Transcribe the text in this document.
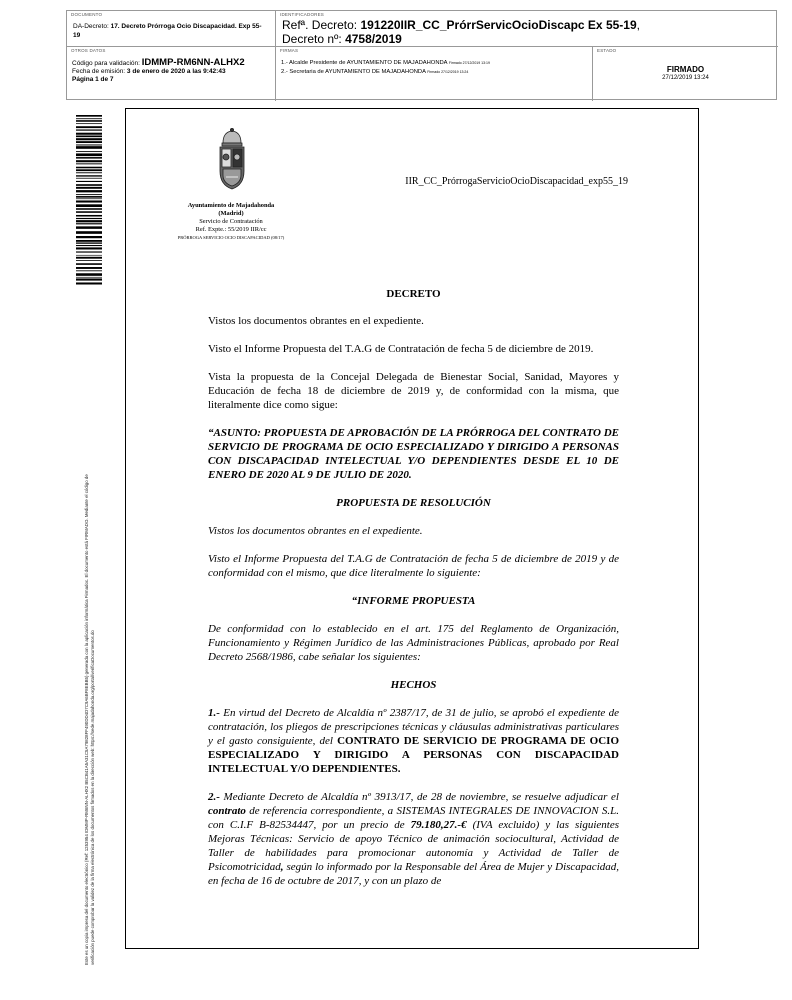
DOCUMENTO
DA-Decreto: 17. Decreto Prórroga Ocio Discapacidad. Exp 55-19
IDENTIFICADORES
Refª. Decreto: 191220IIR_CC_PrórrServicOcioDiscapc Ex 55-19,
Decreto nº: 4758/2019
OTROS DATOS
Código para validación: IDMMP-RM6NN-ALHX2
Fecha de emisión: 3 de enero de 2020 a las 9:42:43
Página 1 de 7
FIRMAS
1.- Alcalde Presidente de AYUNTAMIENTO DE MAJADAHONDA Firmado 27/12/2019 13:19
2.- Secretaria de AYUNTAMIENTO DE MAJADAHONDA Firmado 27/12/2019 13:24
ESTADO
FIRMADO
27/12/2019 13:24
Este es un copia impresa del documento electrónico (Ref: 1253954 IDMMP-RM6NN-ALHX2 B5CB41A5A31C5A79828FF490DD4D7C9A6BF8EBB5) generada con la aplicación informática Firmadoc. El documento está FIRMADO. Mediante el código de verificación puede comprobar la validez de la firma electrónica de los documentos firmados en la dirección web: https://sede.majadahonda.org/portal/verificaDocumentos.do
Ayuntamiento de Majadahonda
(Madrid)
Servicio de Contratación
Ref. Expte.: 55/2019 IIR/cc
PRÓRROGA SERVICIO OCIO DISCAPACIDAD (08/17)
IIR_CC_PrórrogaServicioOcioDiscapacidad_exp55_19

DECRETO

Vistos los documentos obrantes en el expediente.

Visto el Informe Propuesta del T.A.G de Contratación de fecha 5 de diciembre de 2019.

Vista la propuesta de la Concejal Delegada de Bienestar Social, Sanidad, Mayores y Educación de fecha 18 de diciembre de 2019 y, de conformidad con la misma, que literalmente dice como sigue:

“ASUNTO: PROPUESTA DE APROBACIÓN DE LA PRÓRROGA DEL CONTRATO DE SERVICIO DE PROGRAMA DE OCIO ESPECIALIZADO Y DIRIGIDO A PERSONAS CON DISCAPACIDAD INTELECTUAL Y/O DEPENDIENTES DESDE EL 10 DE ENERO DE 2020 AL 9 DE JULIO DE 2020.

PROPUESTA DE RESOLUCIÓN

Vistos los documentos obrantes en el expediente.

Visto el Informe Propuesta del T.A.G de Contratación de fecha 5 de diciembre de 2019 y de conformidad con el mismo, que dice literalmente lo siguiente:

“INFORME PROPUESTA

De conformidad con lo establecido en el art. 175 del Reglamento de Organización, Funcionamiento y Régimen Jurídico de las Administraciones Públicas, aprobado por Real Decreto 2568/1986, cabe señalar los siguientes:

HECHOS

1.- En virtud del Decreto de Alcaldía nº 2387/17, de 31 de julio, se aprobó el expediente de contratación, los pliegos de prescripciones técnicas y cláusulas administrativas particulares y el gasto consiguiente, del CONTRATO DE SERVICIO DE PROGRAMA DE OCIO ESPECIALIZADO Y DIRIGIDO A PERSONAS CON DISCAPACIDAD INTELECTUAL Y/O DEPENDIENTES.

2.- Mediante Decreto de Alcaldía nº 3913/17, de 28 de noviembre, se resuelve adjudicar el contrato de referencia correspondiente, a SISTEMAS INTEGRALES DE INNOVACION S.L. con C.I.F B-82534447, por un precio de 79.180,27.-€ (IVA excluido) y las siguientes Mejoras Técnicas: Servicio de apoyo Técnico de animación sociocultural, Actividad de Taller de habilidades para promocionar autonomía y Actividad de Taller de Psicomotricidad, según lo informado por la Responsable del Área de Mujer y Discapacidad, en fecha de 16 de octubre de 2017, y con un plazo de
